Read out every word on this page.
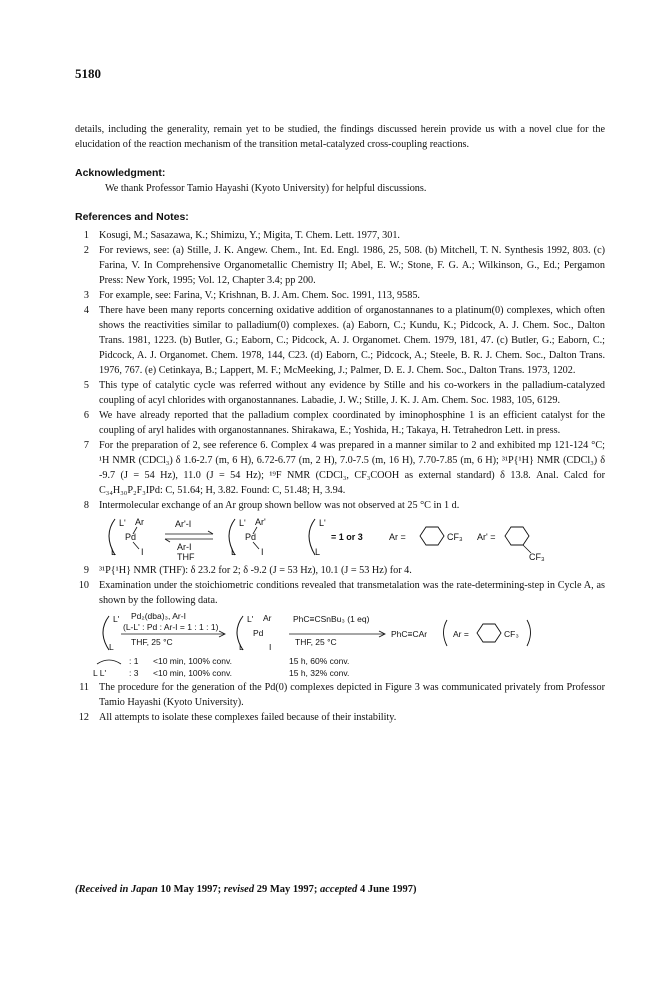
5180
details, including the generality, remain yet to be studied, the findings discussed herein provide us with a novel clue for the elucidation of the reaction mechanism of the transition metal-catalyzed cross-coupling reactions.
Acknowledgment:
We thank Professor Tamio Hayashi (Kyoto University) for helpful discussions.
References and Notes:
1 Kosugi, M.; Sasazawa, K.; Shimizu, Y.; Migita, T. Chem. Lett. 1977, 301.
2 For reviews, see: (a) Stille, J. K. Angew. Chem., Int. Ed. Engl. 1986, 25, 508. (b) Mitchell, T. N. Synthesis 1992, 803. (c) Farina, V. In Comprehensive Organometallic Chemistry II; Abel, E. W.; Stone, F. G. A.; Wilkinson, G., Ed.; Pergamon Press: New York, 1995; Vol. 12, Chapter 3.4; pp 200.
3 For example, see: Farina, V.; Krishnan, B. J. Am. Chem. Soc. 1991, 113, 9585.
4 There have been many reports concerning oxidative addition of organostannanes to a platinum(0) complexes, which often shows the reactivities similar to palladium(0) complexes. (a) Eaborn, C.; Kundu, K.; Pidcock, A. J. Chem. Soc., Dalton Trans. 1981, 1223. (b) Butler, G.; Eaborn, C.; Pidcock, A. J. Organomet. Chem. 1979, 181, 47. (c) Butler, G.; Eaborn, C.; Pidcock, A. J. Organomet. Chem. 1978, 144, C23. (d) Eaborn, C.; Pidcock, A.; Steele, B. R. J. Chem. Soc., Dalton Trans. 1976, 767. (e) Cetinkaya, B.; Lappert, M. F.; McMeeking, J.; Palmer, D. E. J. Chem. Soc., Dalton Trans. 1973, 1202.
5 This type of catalytic cycle was referred without any evidence by Stille and his co-workers in the palladium-catalyzed coupling of acyl chlorides with organostannanes. Labadie, J. W.; Stille, J. K. J. Am. Chem. Soc. 1983, 105, 6129.
6 We have already reported that the palladium complex coordinated by iminophosphine 1 is an efficient catalyst for the coupling of aryl halides with organostannanes. Shirakawa, E.; Yoshida, H.; Takaya, H. Tetrahedron Lett. in press.
7 For the preparation of 2, see reference 6. Complex 4 was prepared in a manner similar to 2 and exhibited mp 121-124 °C; ¹H NMR (CDCl₃) δ 1.6-2.7 (m, 6 H), 6.72-6.77 (m, 2 H), 7.0-7.5 (m, 16 H), 7.70-7.85 (m, 6 H); ³¹P{¹H} NMR (CDCl₃) δ -9.7 (J = 54 Hz), 11.0 (J = 54 Hz); ¹⁹F NMR (CDCl₃, CF₃COOH as external standard) δ 13.8. Anal. Calcd for C₃₄H₃₀P₂F₃IPd: C, 51.64; H, 3.82. Found: C, 51.48; H, 3.94.
8 Intermolecular exchange of an Ar group shown bellow was not observed at 25 °C in 1 d.
L'
Pd
L
Ar
I
Ar'-I
Ar-I
THF
L'
Pd
L
Ar'
I
L'
L
= 1 or 3	Ar =	CF₃ Ar' =
CF₃
9 ³¹P{¹H} NMR (THF): δ 23.2 for 2; δ -9.2 (J = 53 Hz), 10.1 (J = 53 Hz) for 4.
10 Examination under the stoichiometric conditions revealed that transmetalation was the rate-determining-step in Cycle A, as shown by the following data.
L'
L
Pd₂(dba)₃, Ar-I
(L-L' : Pd : Ar-I = 1 : 1 : 1)
THF, 25 °C
L'
Pd
L
Ar
I
PhC≡CSnBu₃ (1 eq)
THF, 25 °C
PhC≡CAr	Ar =	CF₃
: 1 <10 min, 100% conv.	15 h, 60% conv.
L L'	: 3 <10 min, 100% conv.	15 h, 32% conv.
11 The procedure for the generation of the Pd(0) complexes depicted in Figure 3 was communicated privately from Professor Tamio Hayashi (Kyoto University).
12 All attempts to isolate these complexes failed because of their instability.
(Received in Japan 10 May 1997; revised 29 May 1997; accepted 4 June 1997)
